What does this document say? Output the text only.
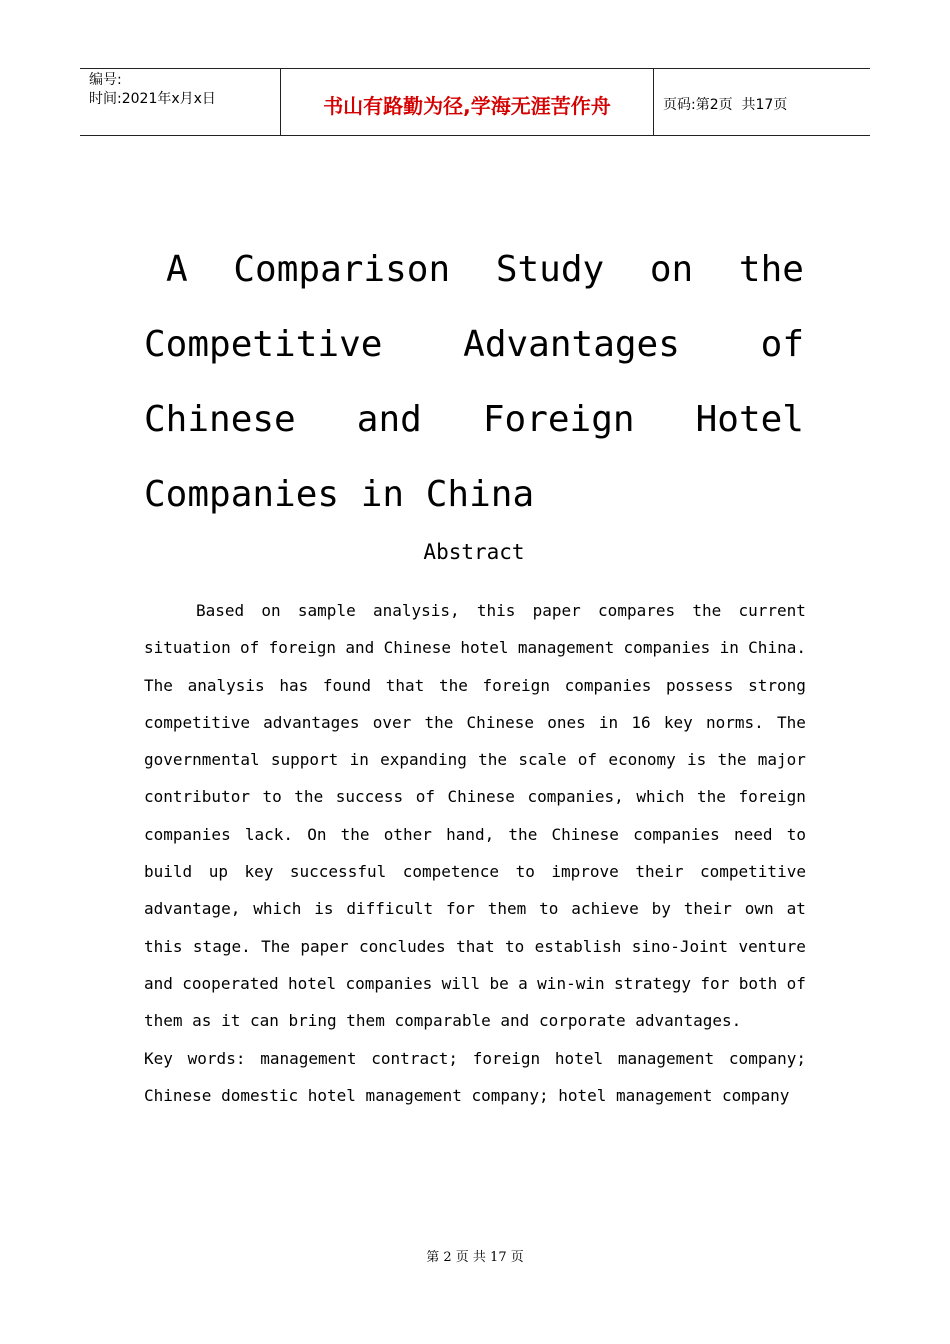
编号:
时间:2021年x月x日	书山有路勤为径,学海无涯苦作舟	页码:第2页  共17页
A Comparison Study on the
Competitive Advantages of
Chinese and Foreign Hotel
Companies in China
Abstract
Based on sample analysis, this paper compares the current
situation of foreign and Chinese hotel management companies in China.
The analysis has found that the foreign companies possess strong
competitive advantages over the Chinese ones in 16 key norms. The
governmental support in expanding the scale of economy is the major
contributor to the success of Chinese companies, which the foreign
companies lack. On the other hand, the Chinese companies need to
build up key successful competence to improve their competitive
advantage, which is difficult for them to achieve by their own at
this stage. The paper concludes that to establish sino-Joint venture
and cooperated hotel companies will be a win-win strategy for both of
them as it can bring them comparable and corporate advantages.
Key words: management contract; foreign hotel management company;
Chinese domestic hotel management company; hotel management company
第 2 页 共 17 页
